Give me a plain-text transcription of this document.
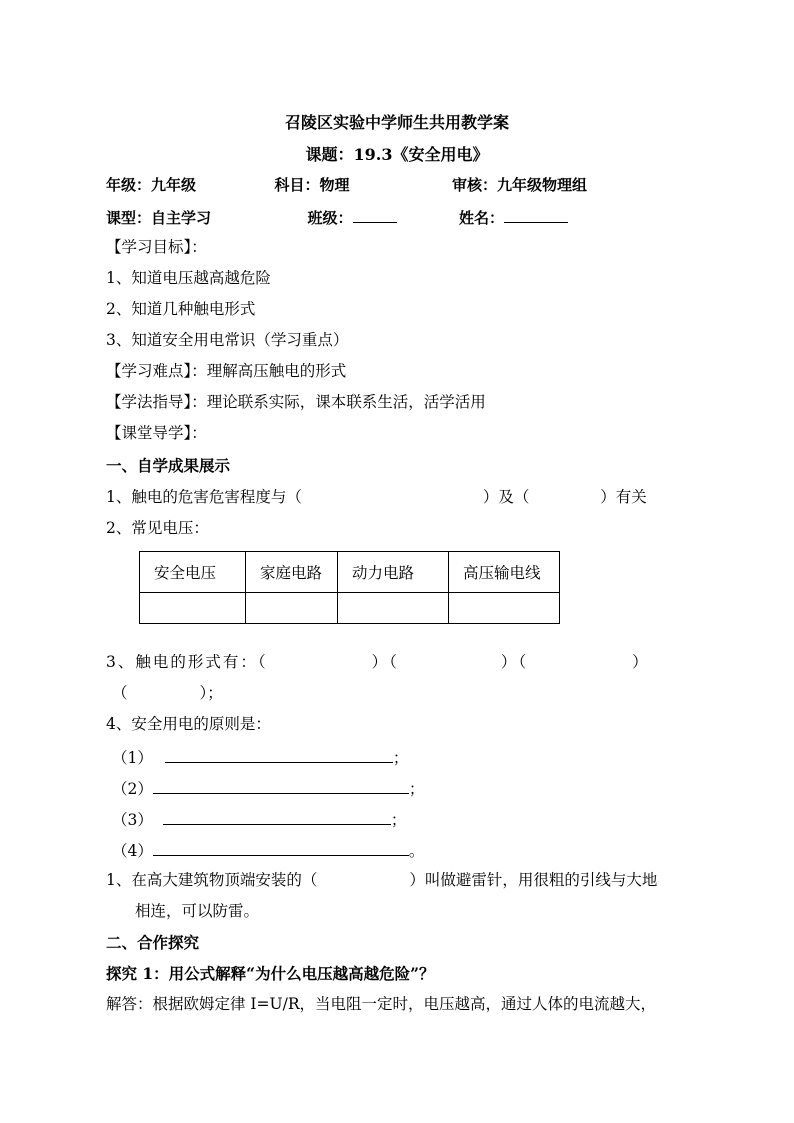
召陵区实验中学师生共用教学案
课题：19.3《安全用电》
年级：九年级	科目：物理	审核：九年级物理组
课型：自主学习	班级：	姓名：
【学习目标】：
1、知道电压越高越危险
2、知道几种触电形式
3、知道安全用电常识（学习重点）
【学习难点】：理解高压触电的形式
【学法指导】：理论联系实际，课本联系生活，活学活用
【课堂导学】：
一、自学成果展示
1、触电的危害危害程度与（	）及（	）有关
2、常见电压：
安全电压	家庭电路	动力电路	高压输电线

3、触电的形式有：（	）（	）（	）
（	）；
4、安全用电的原则是：
（1）	；
（2）	；
（3）	；
（4）	。
1、在高大建筑物顶端安装的（	）叫做避雷针，用很粗的引线与大地
相连，可以防雷。
二、合作探究
探究 1：用公式解释“为什么电压越高越危险”？
解答：根据欧姆定律 I=U/R，当电阻一定时，电压越高，通过人体的电流越大，
